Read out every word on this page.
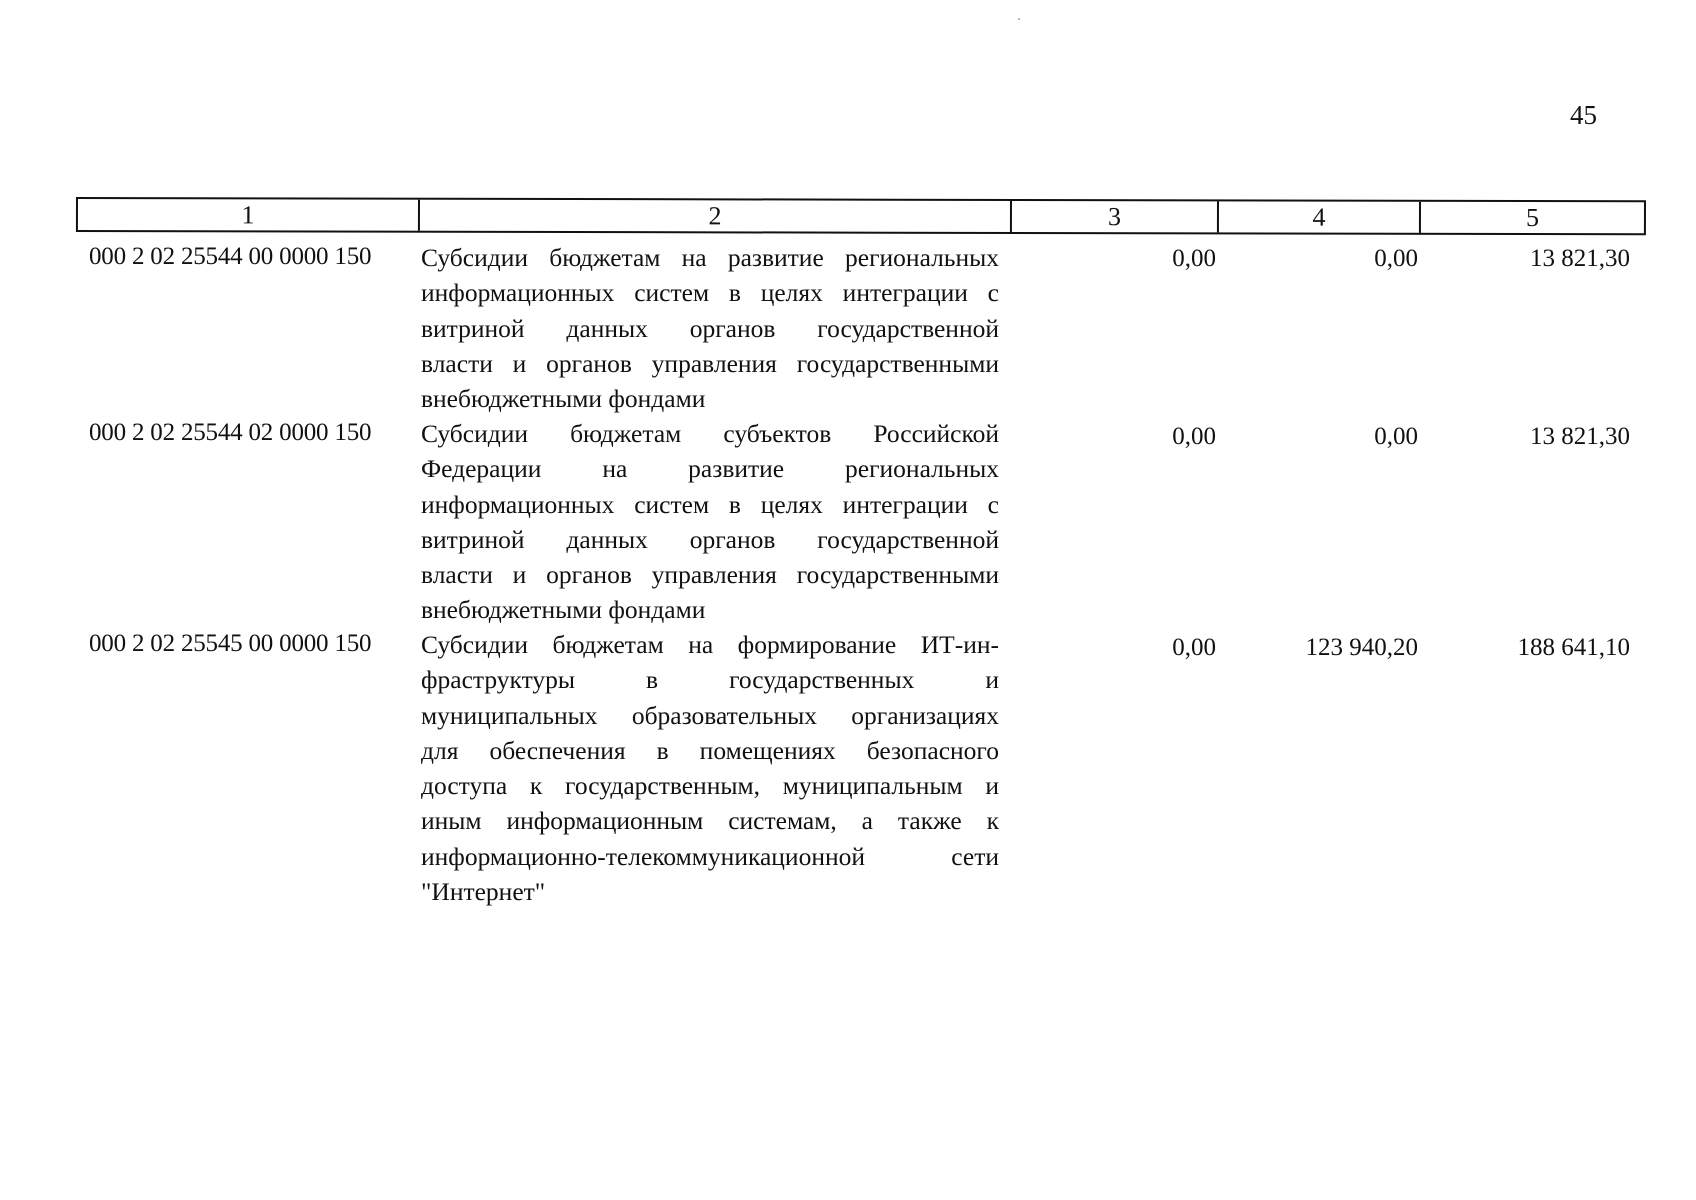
45
1	2	3	4	5
000 2 02 25544 00 0000 150 Субсидии бюджетам на развитие региональных
информационных систем в целях интеграции с
витриной данных органов государственной
власти и органов управления государственными
внебюджетными фондами
0,00	0,00	13 821,30
000 2 02 25544 02 0000 150 Субсидии бюджетам субъектов Российской
Федерации на развитие региональных
информационных систем в целях интеграции с
витриной данных органов государственной
власти и органов управления государственными
внебюджетными фондами
0,00	0,00	13 821,30
000 2 02 25545 00 0000 150 Субсидии бюджетам на формирование ИТ-ин-
фраструктуры в государственных и
муниципальных образовательных организациях
для обеспечения в помещениях безопасного
доступа к государственным, муниципальным и
иным информационным системам, а также к
информационно-телекоммуникационной сети
"Интернет"
0,00	123 940,20	188 641,10
